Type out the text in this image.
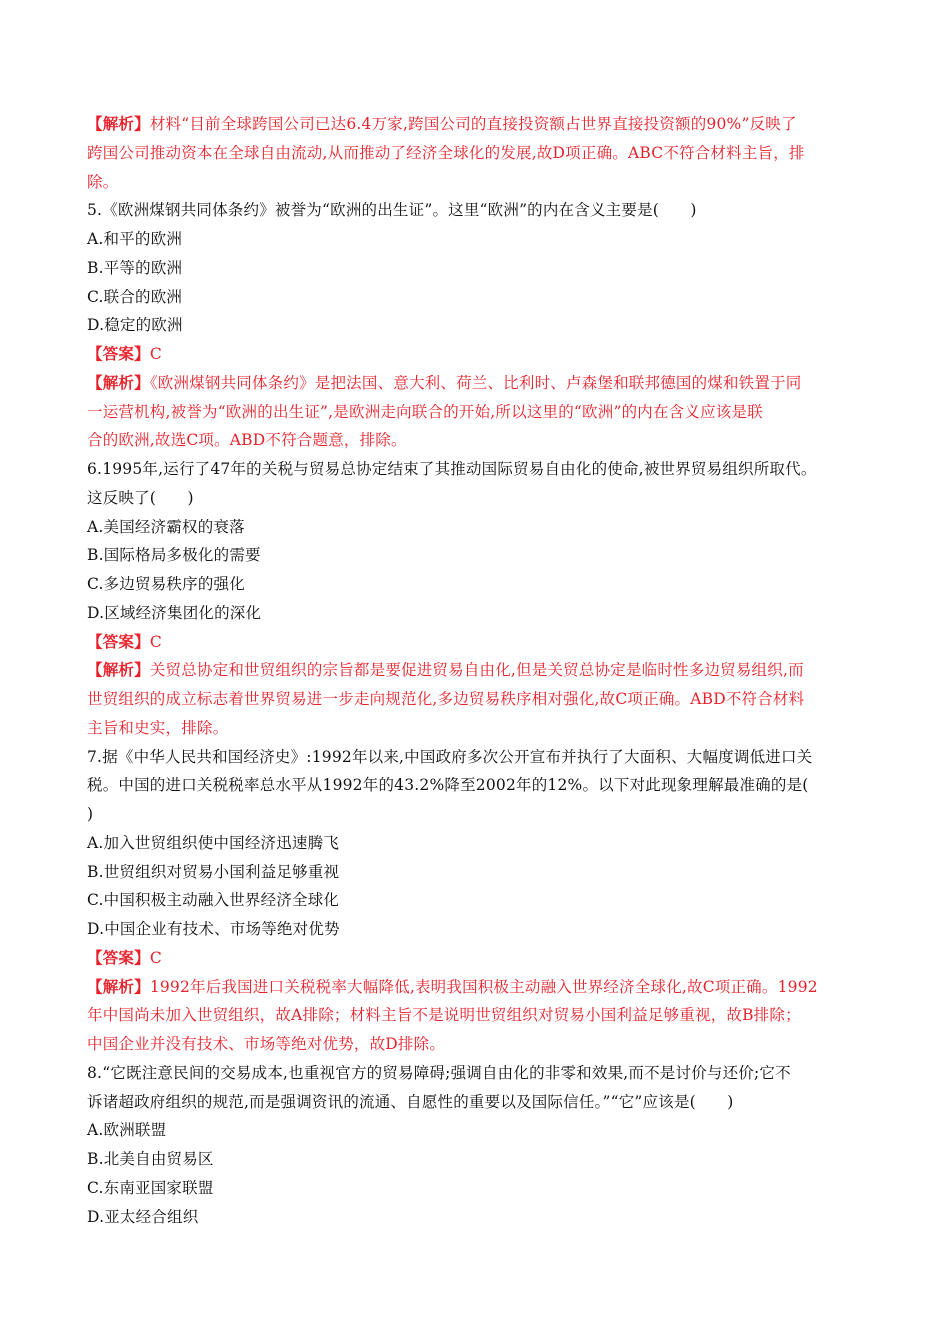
【解析】材料“目前全球跨国公司已达6.4万家,跨国公司的直接投资额占世界直接投资额的90%”反映了
跨国公司推动资本在全球自由流动,从而推动了经济全球化的发展,故D项正确。ABC不符合材料主旨，排
除。
5.《欧洲煤钢共同体条约》被誉为“欧洲的出生证”。这里“欧洲”的内在含义主要是(　　)
A.和平的欧洲
B.平等的欧洲
C.联合的欧洲
D.稳定的欧洲
【答案】C
【解析】《欧洲煤钢共同体条约》是把法国、意大利、荷兰、比利时、卢森堡和联邦德国的煤和铁置于同
一运营机构,被誉为“欧洲的出生证”,是欧洲走向联合的开始,所以这里的“欧洲”的内在含义应该是联
合的欧洲,故选C项。ABD不符合题意，排除。
6.1995年,运行了47年的关税与贸易总协定结束了其推动国际贸易自由化的使命,被世界贸易组织所取代。
这反映了(　　)
A.美国经济霸权的衰落
B.国际格局多极化的需要
C.多边贸易秩序的强化
D.区域经济集团化的深化
【答案】C
【解析】关贸总协定和世贸组织的宗旨都是要促进贸易自由化,但是关贸总协定是临时性多边贸易组织,而
世贸组织的成立标志着世界贸易进一步走向规范化,多边贸易秩序相对强化,故C项正确。ABD不符合材料
主旨和史实，排除。
7.据《中华人民共和国经济史》:1992年以来,中国政府多次公开宣布并执行了大面积、大幅度调低进口关
税。中国的进口关税税率总水平从1992年的43.2%降至2002年的12%。以下对此现象理解最准确的是(
)
A.加入世贸组织使中国经济迅速腾飞
B.世贸组织对贸易小国利益足够重视
C.中国积极主动融入世界经济全球化
D.中国企业有技术、市场等绝对优势
【答案】C
【解析】1992年后我国进口关税税率大幅降低,表明我国积极主动融入世界经济全球化,故C项正确。1992
年中国尚未加入世贸组织，故A排除；材料主旨不是说明世贸组织对贸易小国利益足够重视，故B排除；
中国企业并没有技术、市场等绝对优势，故D排除。
8.“它既注意民间的交易成本,也重视官方的贸易障碍;强调自由化的非零和效果,而不是讨价与还价;它不
诉诸超政府组织的规范,而是强调资讯的流通、自愿性的重要以及国际信任。”“它”应该是(　　)
A.欧洲联盟
B.北美自由贸易区
C.东南亚国家联盟
D.亚太经合组织
